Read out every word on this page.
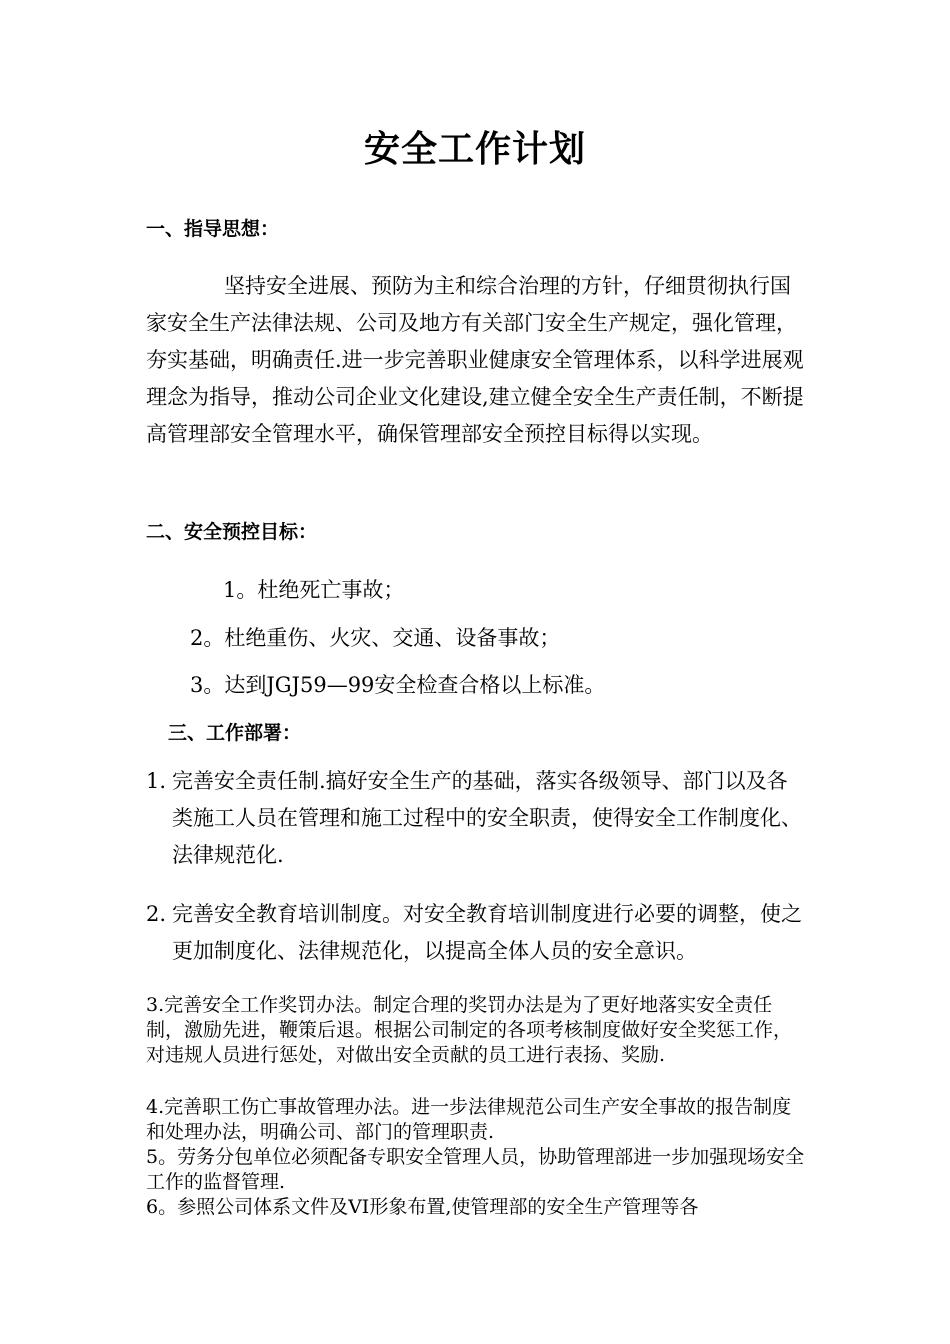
安全工作计划
一、指导思想：
坚持安全进展、预防为主和综合治理的方针，仔细贯彻执行国家安全生产法律法规、公司及地方有关部门安全生产规定，强化管理，夯实基础，明确责任.进一步完善职业健康安全管理体系，以科学进展观理念为指导，推动公司企业文化建设,建立健全安全生产责任制，不断提高管理部安全管理水平，确保管理部安全预控目标得以实现。
二、安全预控目标：
1。杜绝死亡事故；
2。杜绝重伤、火灾、交通、设备事故；
3。达到JGJ59—99安全检查合格以上标准。
三、工作部署：
1. 完善安全责任制.搞好安全生产的基础，落实各级领导、部门以及各类施工人员在管理和施工过程中的安全职责，使得安全工作制度化、法律规范化.
2. 完善安全教育培训制度。对安全教育培训制度进行必要的调整，使之更加制度化、法律规范化，以提高全体人员的安全意识。
3.完善安全工作奖罚办法。制定合理的奖罚办法是为了更好地落实安全责任制，激励先进，鞭策后退。根据公司制定的各项考核制度做好安全奖惩工作，对违规人员进行惩处，对做出安全贡献的员工进行表扬、奖励.
4.完善职工伤亡事故管理办法。进一步法律规范公司生产安全事故的报告制度和处理办法，明确公司、部门的管理职责.
5。劳务分包单位必须配备专职安全管理人员，协助管理部进一步加强现场安全工作的监督管理.
6。参照公司体系文件及VI形象布置,使管理部的安全生产管理等各
